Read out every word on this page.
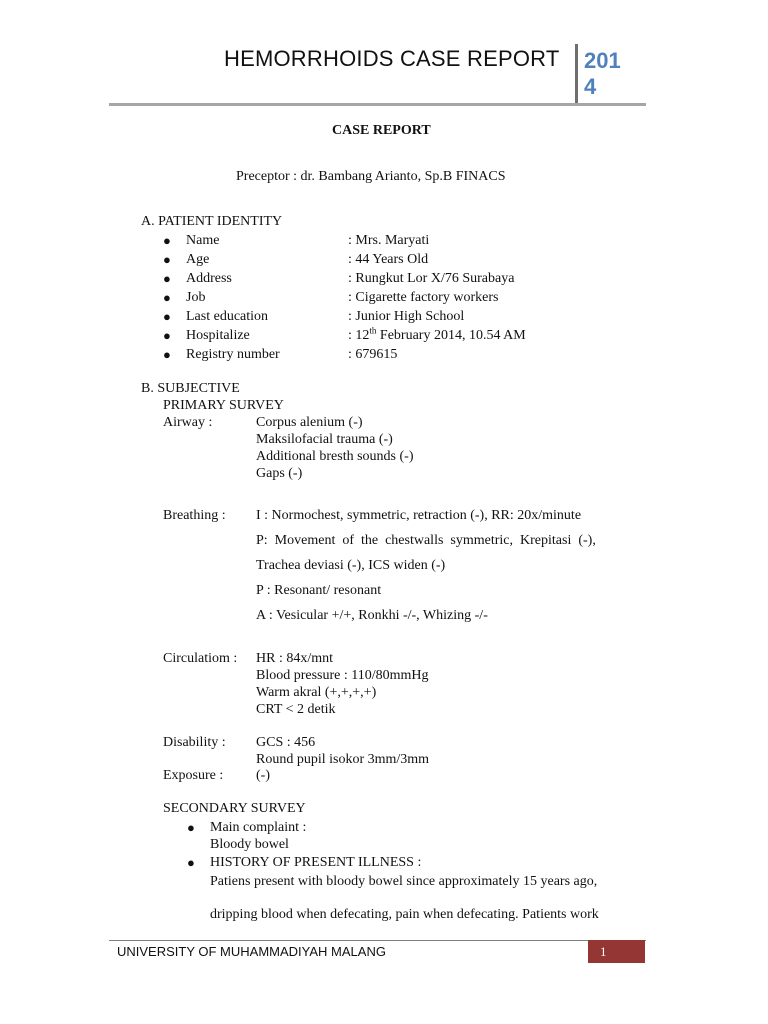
HEMORRHOIDS CASE REPORT 201
4
CASE REPORT
Preceptor : dr. Bambang Arianto, Sp.B FINACS
A. PATIENT IDENTITY
● Name	: Mrs. Maryati
● Age	: 44 Years Old
● Address	: Rungkut Lor X/76 Surabaya
● Job	: Cigarette factory workers
● Last education	: Junior High School
● Hospitalize	: 12th February 2014, 10.54 AM
● Registry number	: 679615
B. SUBJECTIVE
PRIMARY SURVEY
Airway :	Corpus alenium (-)
Maksilofacial trauma (-)
Additional bresth sounds (-)
Gaps (-)
Breathing : I : Normochest, symmetric, retraction (-), RR: 20x/minute
P:  Movement  of  the  chestwalls  symmetric,  Krepitasi  (-),
Trachea deviasi (-), ICS widen (-)
P : Resonant/ resonant
A : Vesicular +/+, Ronkhi -/-, Whizing -/-
Circulatiom : HR : 84x/mnt
Blood pressure : 110/80mmHg
Warm akral (+,+,+,+)
CRT < 2 detik
Disability : GCS : 456
Round pupil isokor 3mm/3mm
Exposure : (-)
SECONDARY SURVEY
● Main complaint :
Bloody bowel
● HISTORY OF PRESENT ILLNESS :
Patiens present with bloody bowel since approximately 15 years ago,
dripping blood when defecating, pain when defecating. Patients work
UNIVERSITY OF MUHAMMADIYAH MALANG	1
